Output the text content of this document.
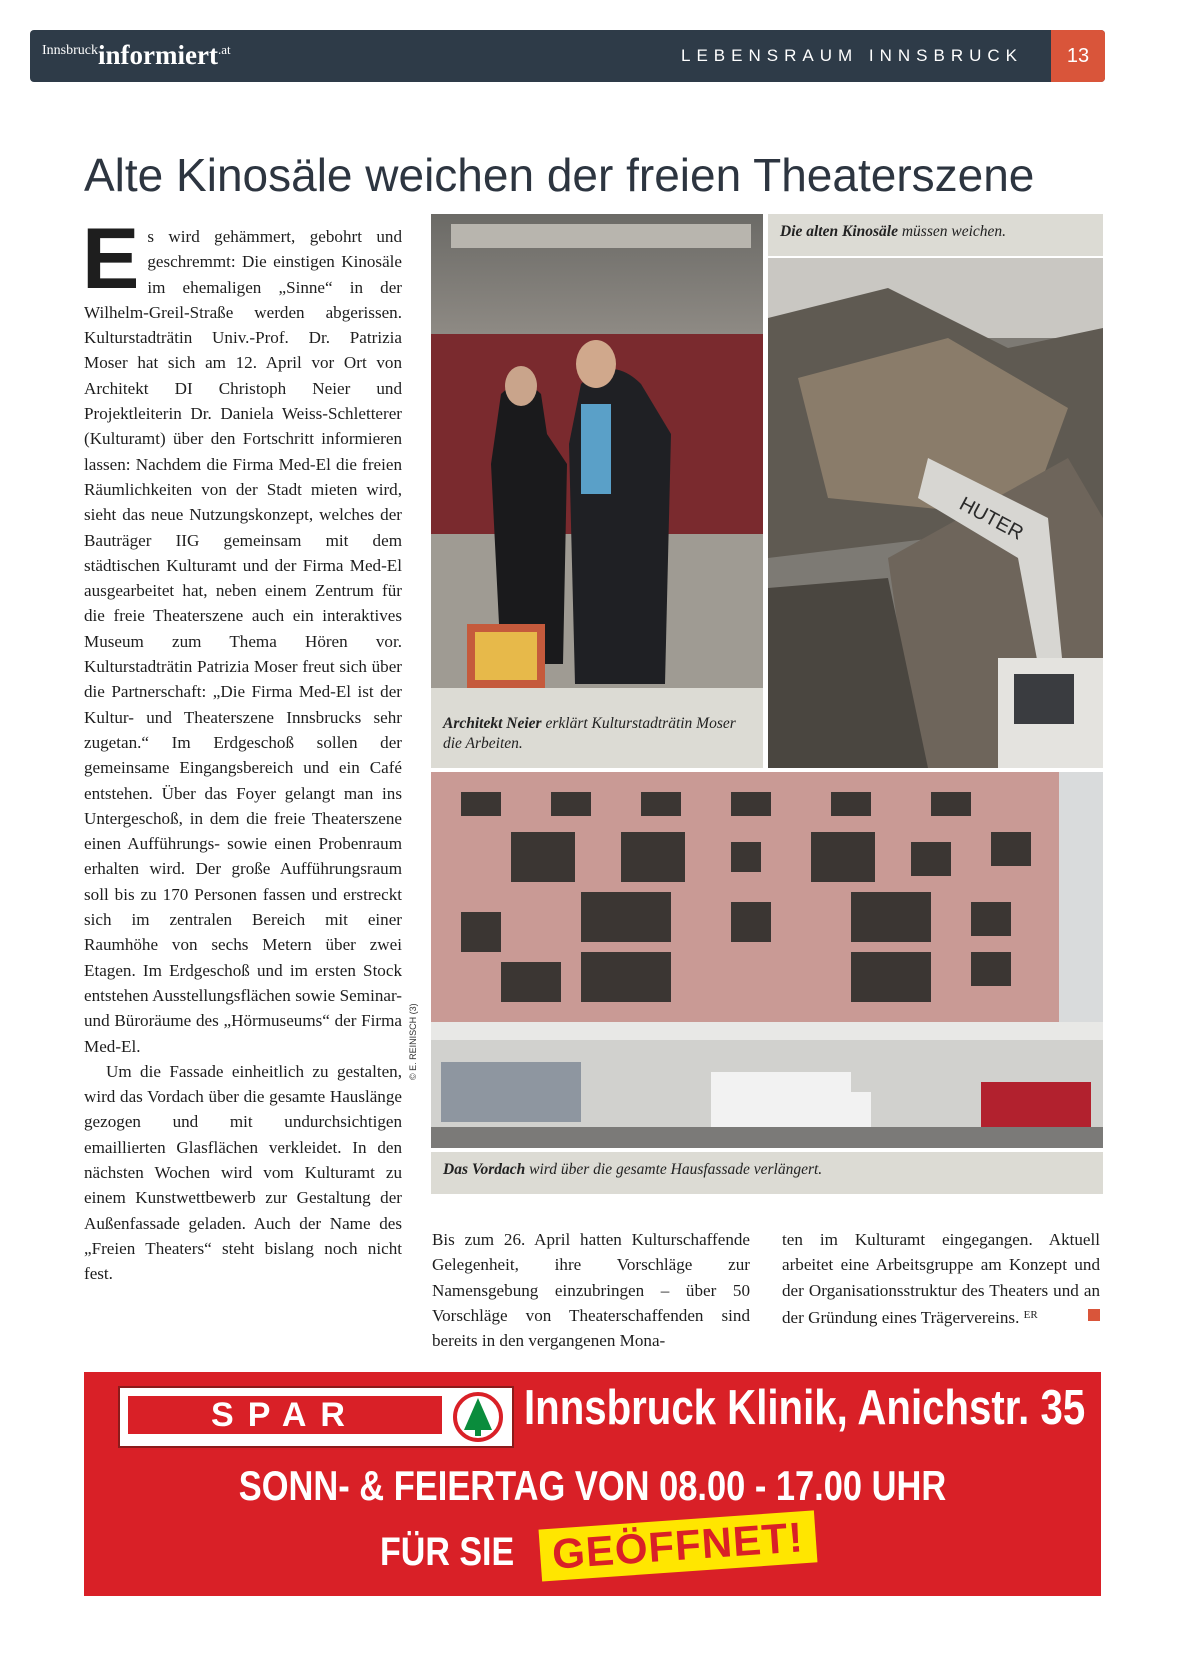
Innsbruckinformiert$^{.at}$	LEBENSRAUM INNSBRUCK	13
Alte Kinosäle weichen der freien Theaterszene

Es wird gehämmert, gebohrt und geschremmt: Die einstigen Kinosäle im ehemaligen „Sinne“ in der Wilhelm-Greil-Straße werden abgerissen. Kulturstadträtin Univ.-Prof. Dr. Patrizia Moser hat sich am 12. April vor Ort von Architekt DI Christoph Neier und Projektleiterin Dr. Daniela Weiss-Schletterer (Kulturamt) über den Fortschritt informieren lassen: Nachdem die Firma Med-El die freien Räumlichkeiten von der Stadt mieten wird, sieht das neue Nutzungskonzept, welches der Bauträger IIG gemeinsam mit dem städtischen Kulturamt und der Firma Med-El ausgearbeitet hat, neben einem Zentrum für die freie Theaterszene auch ein interaktives Museum zum Thema Hören vor. Kulturstadträtin Patrizia Moser freut sich über die Partnerschaft: „Die Firma Med-El ist der Kultur- und Theaterszene Innsbrucks sehr zugetan.“ Im Erdgeschoß sollen der gemeinsame Eingangsbereich und ein Café entstehen. Über das Foyer gelangt man ins Untergeschoß, in dem die freie Theaterszene einen Aufführungs- sowie einen Probenraum erhalten wird. Der große Aufführungsraum soll bis zu 170 Personen fassen und erstreckt sich im zentralen Bereich mit einer Raumhöhe von sechs Metern über zwei Etagen. Im Erdgeschoß und im ersten Stock entstehen Ausstellungsflächen sowie Seminar- und Büroräume des „Hörmuseums“ der Firma Med-El.

Um die Fassade einheitlich zu gestalten, wird das Vordach über die gesamte Hauslänge gezogen und mit undurchsichtigen emaillierten Glasflächen verkleidet. In den nächsten Wochen wird vom Kulturamt zu einem Kunstwettbewerb zur Gestaltung der Außenfassade geladen. Auch der Name des „Freien Theaters“ steht bislang noch nicht fest.

Architekt Neier erklärt Kulturstadträtin Moser die Arbeiten.
Die alten Kinosäle müssen weichen.
HUTER
© E. REINISCH (3)
Das Vordach wird über die gesamte Hausfassade verlängert.

Bis zum 26. April hatten Kulturschaffende Gelegenheit, ihre Vorschläge zur Namensgebung einzubringen – über 50 Vorschläge von Theaterschaffenden sind bereits in den vergangenen Mona-

ten im Kulturamt eingegangen. Aktuell arbeitet eine Arbeitsgruppe am Konzept und der Organisationsstruktur des Theaters und an der Gründung eines Trägervereins. $^{ER}$

SPAR	Innsbruck Klinik, Anichstr. 35
SONN- & FEIERTAG VON 08.00 - 17.00 UHR
FÜR SIE GEÖFFNET!
